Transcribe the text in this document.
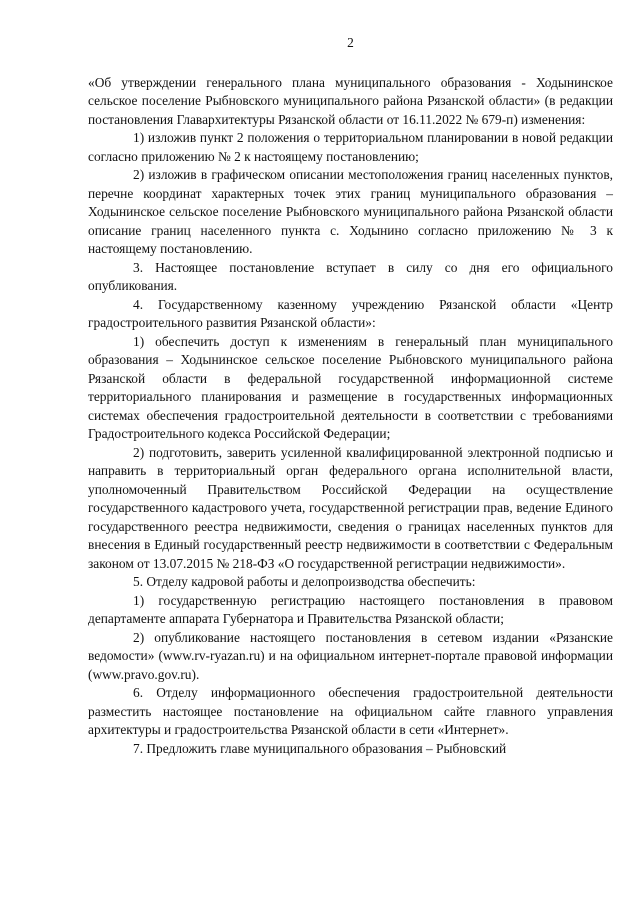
2

«Об утверждении генерального плана муниципального образования - Ходынинское сельское поселение Рыбновского муниципального района Рязанской области» (в редакции постановления Главархитектуры Рязанской области от 16.11.2022 № 679-п) изменения:

1) изложив пункт 2 положения о территориальном планировании в новой редакции согласно приложению № 2 к настоящему постановлению;

2) изложив в графическом описании местоположения границ населенных пунктов, перечне координат характерных точек этих границ муниципального образования – Ходынинское сельское поселение Рыбновского муниципального района Рязанской области описание границ населенного пункта с. Ходынино согласно приложению № 3 к настоящему постановлению.

3. Настоящее постановление вступает в силу со дня его официального опубликования.

4. Государственному казенному учреждению Рязанской области «Центр градостроительного развития Рязанской области»:

1) обеспечить доступ к изменениям в генеральный план муниципального образования – Ходынинское сельское поселение Рыбновского муниципального района Рязанской области в федеральной государственной информационной системе территориального планирования и размещение в государственных информационных системах обеспечения градостроительной деятельности в соответствии с требованиями Градостроительного кодекса Российской Федерации;

2) подготовить, заверить усиленной квалифицированной электронной подписью и направить в территориальный орган федерального органа исполнительной власти, уполномоченный Правительством Российской Федерации на осуществление государственного кадастрового учета, государственной регистрации прав, ведение Единого государственного реестра недвижимости, сведения о границах населенных пунктов для внесения в Единый государственный реестр недвижимости в соответствии с Федеральным законом от 13.07.2015 № 218-ФЗ «О государственной регистрации недвижимости».

5. Отделу кадровой работы и делопроизводства обеспечить:

1) государственную регистрацию настоящего постановления в правовом департаменте аппарата Губернатора и Правительства Рязанской области;

2) опубликование настоящего постановления в сетевом издании «Рязанские ведомости» (www.rv-ryazan.ru) и на официальном интернет-портале правовой информации (www.pravo.gov.ru).

6. Отделу информационного обеспечения градостроительной деятельности разместить настоящее постановление на официальном сайте главного управления архитектуры и градостроительства Рязанской области в сети «Интернет».

7. Предложить главе муниципального образования – Рыбновский
